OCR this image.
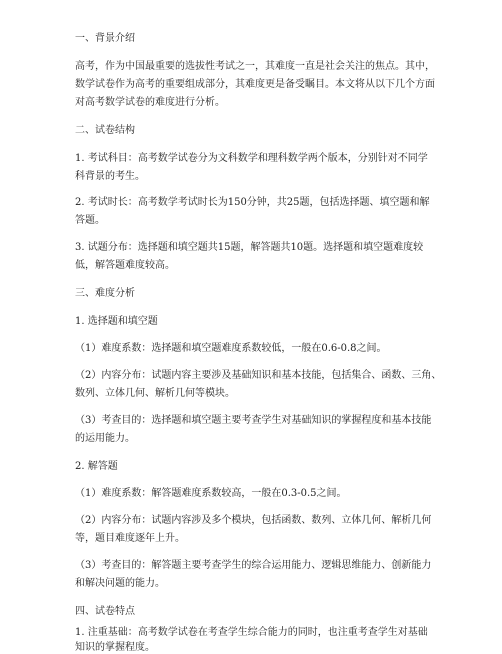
一、背景介绍
高考，作为中国最重要的选拔性考试之一，其难度一直是社会关注的焦点。其中，
数学试卷作为高考的重要组成部分，其难度更是备受瞩目。本文将从以下几个方面
对高考数学试卷的难度进行分析。
二、试卷结构
1. 考试科目：高考数学试卷分为文科数学和理科数学两个版本，分别针对不同学
科背景的考生。
2. 考试时长：高考数学考试时长为150分钟，共25题，包括选择题、填空题和解
答题。
3. 试题分布：选择题和填空题共15题，解答题共10题。选择题和填空题难度较
低，解答题难度较高。
三、难度分析
1. 选择题和填空题
（1）难度系数：选择题和填空题难度系数较低，一般在0.6-0.8之间。
（2）内容分布：试题内容主要涉及基础知识和基本技能，包括集合、函数、三角、
数列、立体几何、解析几何等模块。
（3）考查目的：选择题和填空题主要考查学生对基础知识的掌握程度和基本技能
的运用能力。
2. 解答题
（1）难度系数：解答题难度系数较高，一般在0.3-0.5之间。
（2）内容分布：试题内容涉及多个模块，包括函数、数列、立体几何、解析几何
等，题目难度逐年上升。
（3）考查目的：解答题主要考查学生的综合运用能力、逻辑思维能力、创新能力
和解决问题的能力。
四、试卷特点
1. 注重基础：高考数学试卷在考查学生综合能力的同时，也注重考查学生对基础
知识的掌握程度。
